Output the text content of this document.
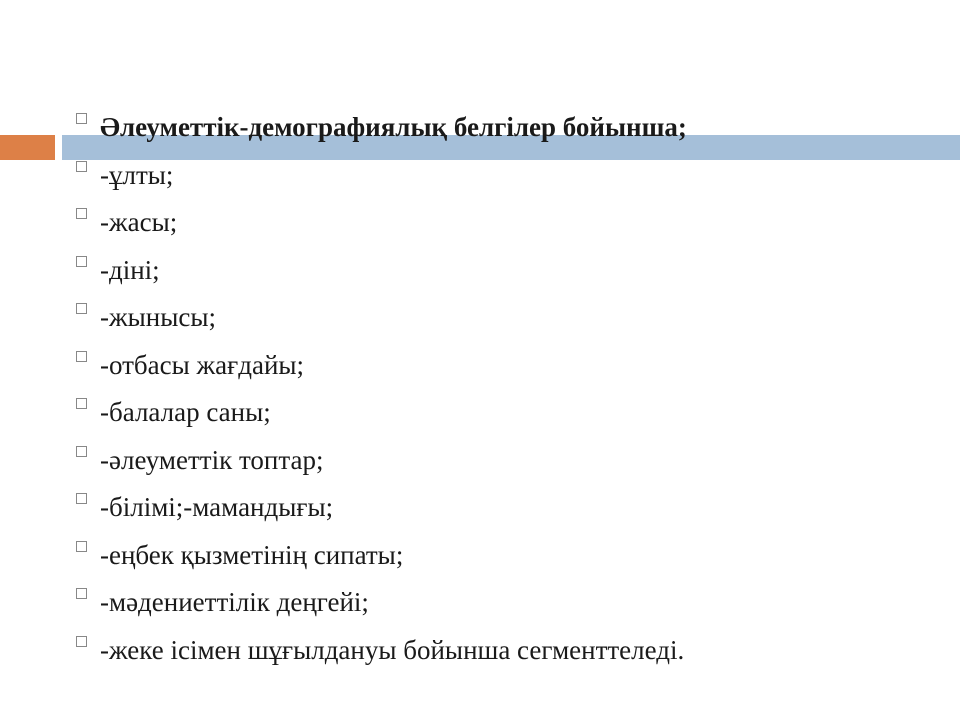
Әлеуметтік-демографиялық белгілер бойынша;
-ұлты;
-жасы;
-діні;
-жынысы;
-отбасы жағдайы;
-балалар саны;
-әлеуметтік топтар;
-білімі;-мамандығы;
-еңбек қызметінің сипаты;
-мәдениеттілік деңгейі;
-жеке ісімен шұғылдануы бойынша сегменттеледі.
